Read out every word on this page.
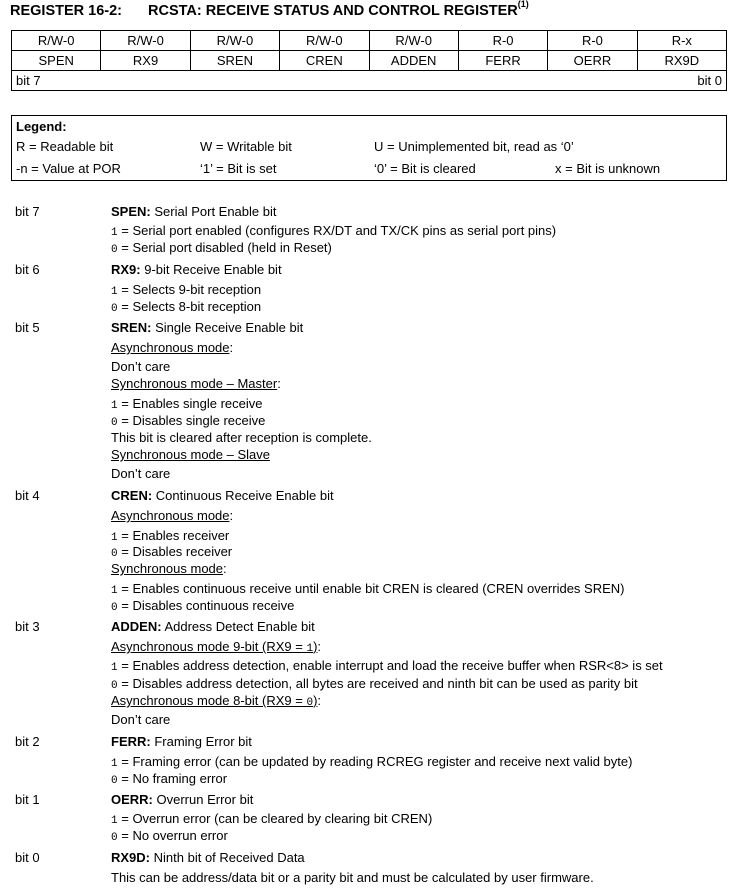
REGISTER 16-2: RCSTA: RECEIVE STATUS AND CONTROL REGISTER$^{(1)}$
R/W-0	R/W-0	R/W-0	R/W-0	R/W-0	R-0	R-0	R-x
SPEN	RX9	SREN	CREN	ADDEN	FERR	OERR	RX9D
bit 7 bit 0							
Legend:
R = Readable bit	W = Writable bit	U = Unimplemented bit, read as ‘0’
-n = Value at POR	‘1’ = Bit is set	‘0’ = Bit is cleared	x = Bit is unknown
bit 7	SPEN: Serial Port Enable bit
1 = Serial port enabled (configures RX/DT and TX/CK pins as serial port pins)
0 = Serial port disabled (held in Reset)
bit 6	RX9: 9-bit Receive Enable bit
1 = Selects 9-bit reception
0 = Selects 8-bit reception
bit 5	SREN: Single Receive Enable bit
Asynchronous mode:
Don’t care
Synchronous mode – Master:
1 = Enables single receive
0 = Disables single receive
This bit is cleared after reception is complete.
Synchronous mode – Slave
Don’t care
bit 4	CREN: Continuous Receive Enable bit
Asynchronous mode:
1 = Enables receiver
0 = Disables receiver
Synchronous mode:
1 = Enables continuous receive until enable bit CREN is cleared (CREN overrides SREN)
0 = Disables continuous receive
bit 3	ADDEN: Address Detect Enable bit
Asynchronous mode 9-bit (RX9 = 1):
1 = Enables address detection, enable interrupt and load the receive buffer when RSR<8> is set
0 = Disables address detection, all bytes are received and ninth bit can be used as parity bit
Asynchronous mode 8-bit (RX9 = 0):
Don’t care
bit 2	FERR: Framing Error bit
1 = Framing error (can be updated by reading RCREG register and receive next valid byte)
0 = No framing error
bit 1	OERR: Overrun Error bit
1 = Overrun error (can be cleared by clearing bit CREN)
0 = No overrun error
bit 0	RX9D: Ninth bit of Received Data
This can be address/data bit or a parity bit and must be calculated by user firmware.
